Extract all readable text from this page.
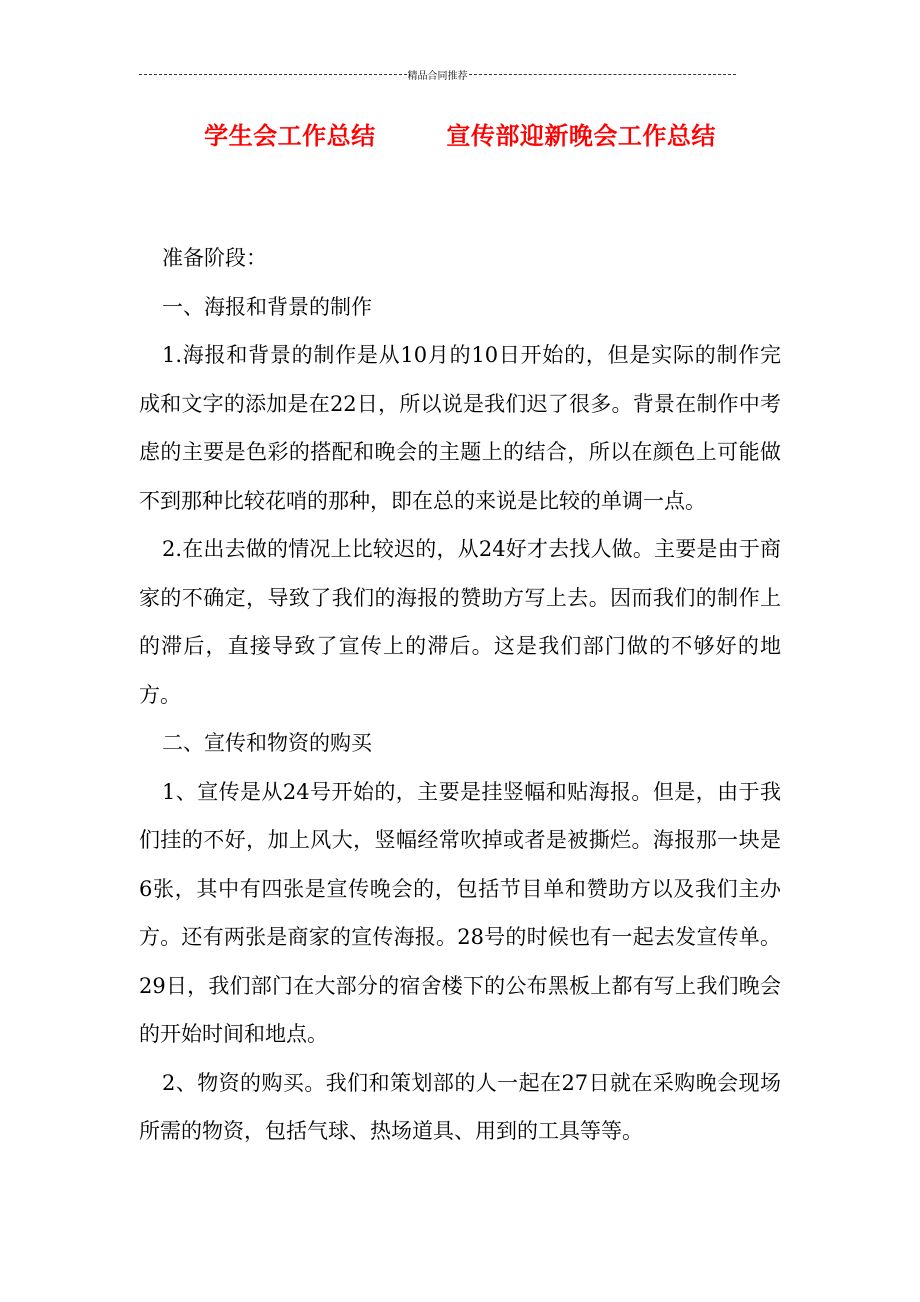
精品合同推荐
学生会工作总结        宣传部迎新晚会工作总结

准备阶段：

一、海报和背景的制作

1.海报和背景的制作是从10月的10日开始的，但是实际的制作完成和文字的添加是在22日，所以说是我们迟了很多。背景在制作中考虑的主要是色彩的搭配和晚会的主题上的结合，所以在颜色上可能做不到那种比较花哨的那种，即在总的来说是比较的单调一点。

2.在出去做的情况上比较迟的，从24好才去找人做。主要是由于商家的不确定，导致了我们的海报的赞助方写上去。因而我们的制作上的滞后，直接导致了宣传上的滞后。这是我们部门做的不够好的地方。

二、宣传和物资的购买

1、宣传是从24号开始的，主要是挂竖幅和贴海报。但是，由于我们挂的不好，加上风大，竖幅经常吹掉或者是被撕烂。海报那一块是6张，其中有四张是宣传晚会的，包括节目单和赞助方以及我们主办方。还有两张是商家的宣传海报。28号的时候也有一起去发宣传单。29日，我们部门在大部分的宿舍楼下的公布黑板上都有写上我们晚会的开始时间和地点。

2、物资的购买。我们和策划部的人一起在27日就在采购晚会现场所需的物资，包括气球、热场道具、用到的工具等等。
